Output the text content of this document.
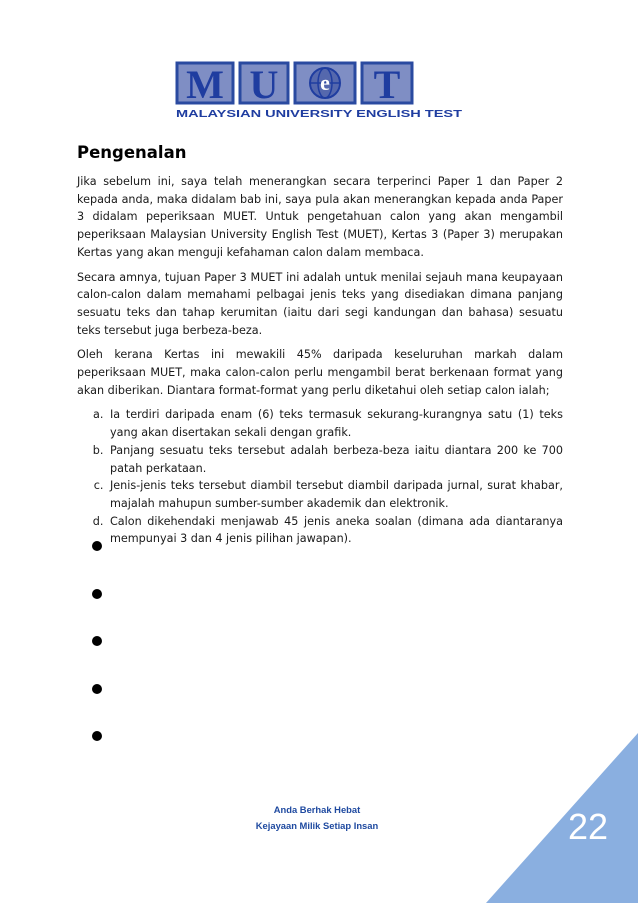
M U e T
MALAYSIAN UNIVERSITY ENGLISH TEST
Pengenalan

Jika sebelum ini, saya telah menerangkan secara terperinci Paper 1 dan Paper 2 kepada anda, maka didalam bab ini, saya pula akan menerangkan kepada anda Paper 3 didalam peperiksaan MUET. Untuk pengetahuan calon yang akan mengambil peperiksaan Malaysian University English Test (MUET), Kertas 3 (Paper 3) merupakan Kertas yang akan menguji kefahaman calon dalam membaca.

Secara amnya, tujuan Paper 3 MUET ini adalah untuk menilai sejauh mana keupayaan calon-calon dalam memahami pelbagai jenis teks yang disediakan dimana panjang sesuatu teks dan tahap kerumitan (iaitu dari segi kandungan dan bahasa) sesuatu teks tersebut juga berbeza-beza.

Oleh kerana Kertas ini mewakili 45% daripada keseluruhan markah dalam peperiksaan MUET, maka calon-calon perlu mengambil berat berkenaan format yang akan diberikan. Diantara format-format yang perlu diketahui oleh setiap calon ialah;

a. Ia terdiri daripada enam (6) teks termasuk sekurang-kurangnya satu (1) teks yang akan disertakan sekali dengan grafik.
b. Panjang sesuatu teks tersebut adalah berbeza-beza iaitu diantara 200 ke 700 patah perkataan.
c. Jenis-jenis teks tersebut diambil tersebut diambil daripada jurnal, surat khabar, majalah mahupun sumber-sumber akademik dan elektronik.
d. Calon dikehendaki menjawab 45 jenis aneka soalan (dimana ada diantaranya mempunyai 3 dan 4 jenis pilihan jawapan).
Anda Berhak Hebat
Kejayaan Milik Setiap Insan	22
